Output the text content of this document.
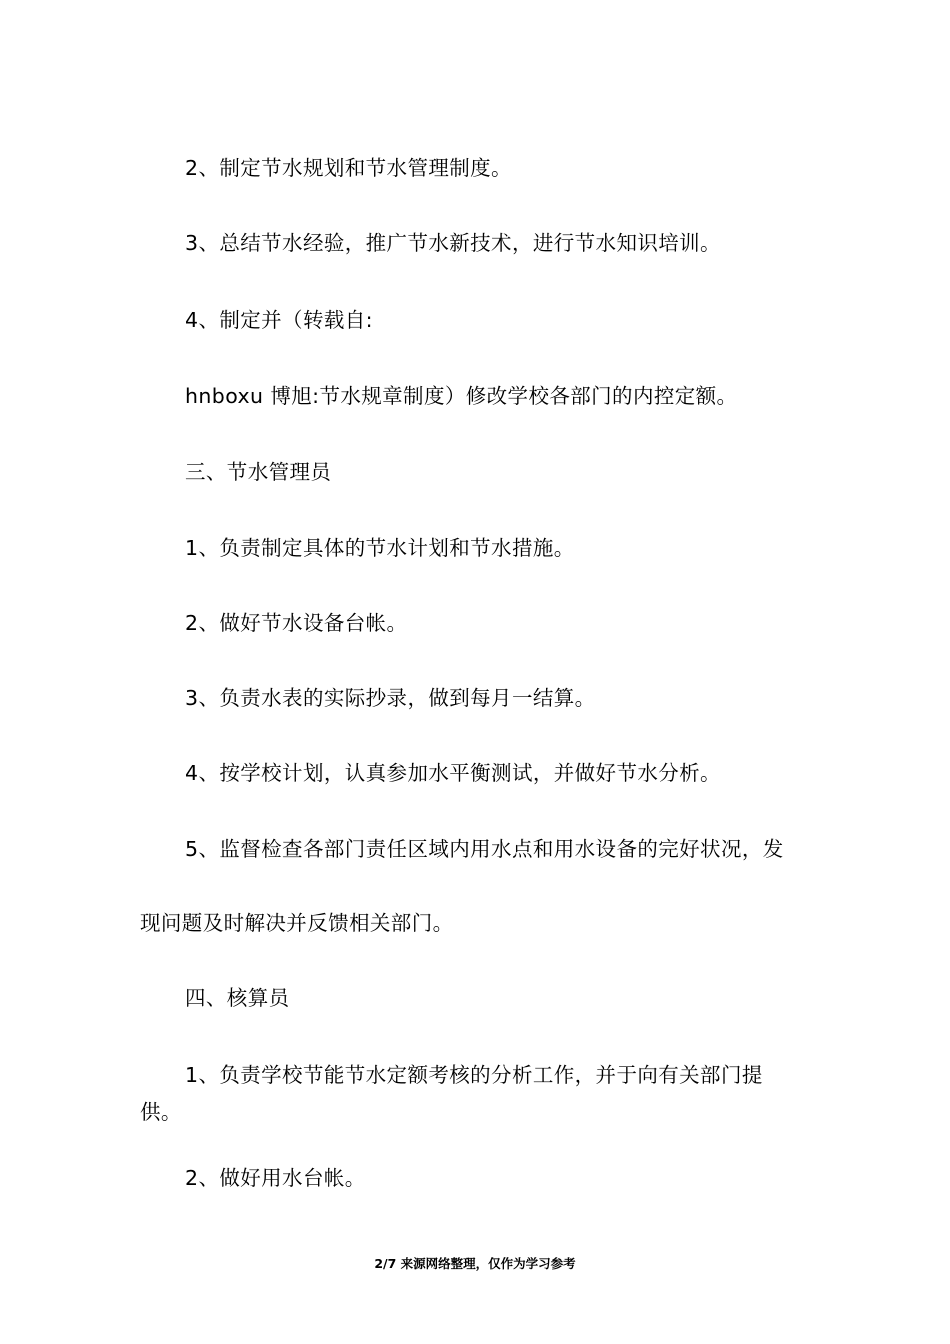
2、制定节水规划和节水管理制度。
3、总结节水经验，推广节水新技术，进行节水知识培训。
4、制定并（转载自:
hnboxu 博旭:节水规章制度）修改学校各部门的内控定额。
三、节水管理员
1、负责制定具体的节水计划和节水措施。
2、做好节水设备台帐。
3、负责水表的实际抄录，做到每月一结算。
4、按学校计划，认真参加水平衡测试，并做好节水分析。
5、监督检查各部门责任区域内用水点和用水设备的完好状况，发
现问题及时解决并反馈相关部门。
四、核算员
1、负责学校节能节水定额考核的分析工作，并于向有关部门提
供。
2、做好用水台帐。
2/7 来源网络整理，仅作为学习参考
